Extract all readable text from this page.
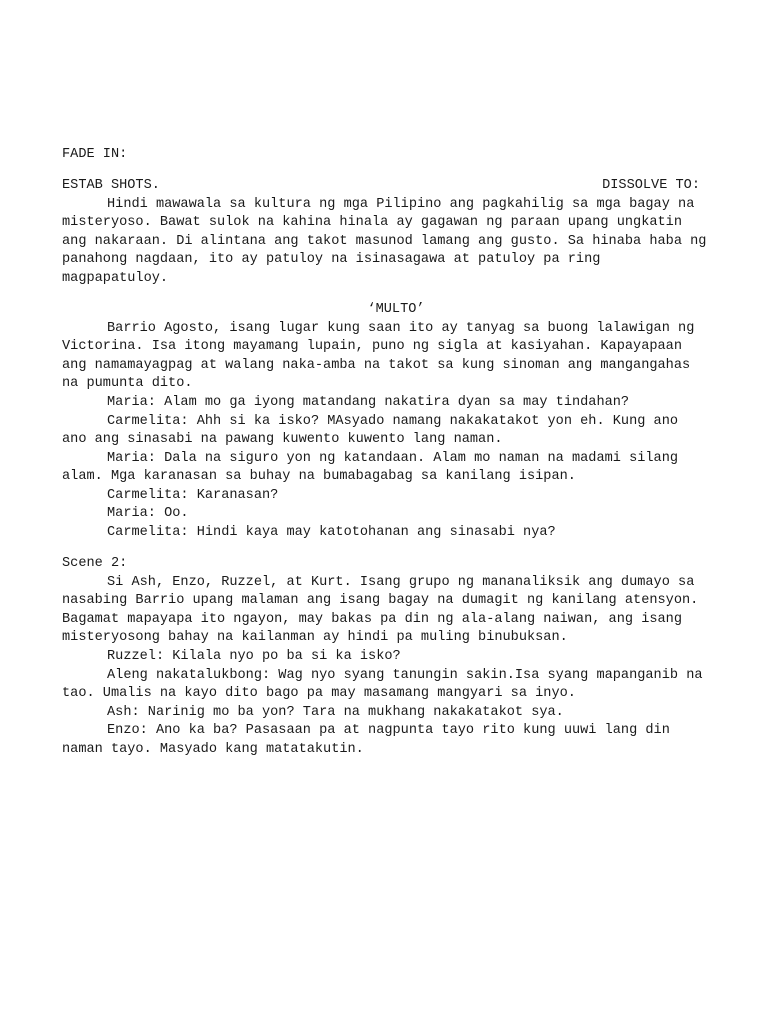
FADE IN:

ESTAB SHOTS.	DISSOLVE TO:

Hindi mawawala sa kultura ng mga Pilipino ang pagkahilig sa mga bagay na misteryoso. Bawat sulok na kahina hinala ay gagawan ng paraan upang ungkatin ang nakaraan. Di alintana ang takot masunod lamang ang gusto. Sa hinaba haba ng panahong nagdaan, ito ay patuloy na isinasagawa at patuloy pa ring magpapatuloy.

‘MULTO’

Barrio Agosto, isang lugar kung saan ito ay tanyag sa buong lalawigan ng Victorina. Isa itong mayamang lupain, puno ng sigla at kasiyahan. Kapayapaan ang namamayagpag at walang naka-amba na takot sa kung sinoman ang mangangahas na pumunta dito.

Maria: Alam mo ga iyong matandang nakatira dyan sa may tindahan?

Carmelita: Ahh si ka isko? MAsyado namang nakakatakot yon eh. Kung ano ano ang sinasabi na pawang kuwento kuwento lang naman.

Maria: Dala na siguro yon ng katandaan. Alam mo naman na madami silang alam. Mga karanasan sa buhay na bumabagabag sa kanilang isipan.

Carmelita: Karanasan?

Maria: Oo.

Carmelita: Hindi kaya may katotohanan ang sinasabi nya?

Scene 2:

Si Ash, Enzo, Ruzzel, at Kurt. Isang grupo ng mananaliksik ang dumayo sa nasabing Barrio upang malaman ang isang bagay na dumagit ng kanilang atensyon. Bagamat mapayapa ito ngayon, may bakas pa din ng ala-alang naiwan, ang isang misteryosong bahay na kailanman ay hindi pa muling binubuksan.

Ruzzel: Kilala nyo po ba si ka isko?

Aleng nakatalukbong: Wag nyo syang tanungin sakin.Isa syang mapanganib na tao. Umalis na kayo dito bago pa may masamang mangyari sa inyo.

Ash: Narinig mo ba yon? Tara na mukhang nakakatakot sya.

Enzo: Ano ka ba? Pasasaan pa at nagpunta tayo rito kung uuwi lang din naman tayo. Masyado kang matatakutin.
